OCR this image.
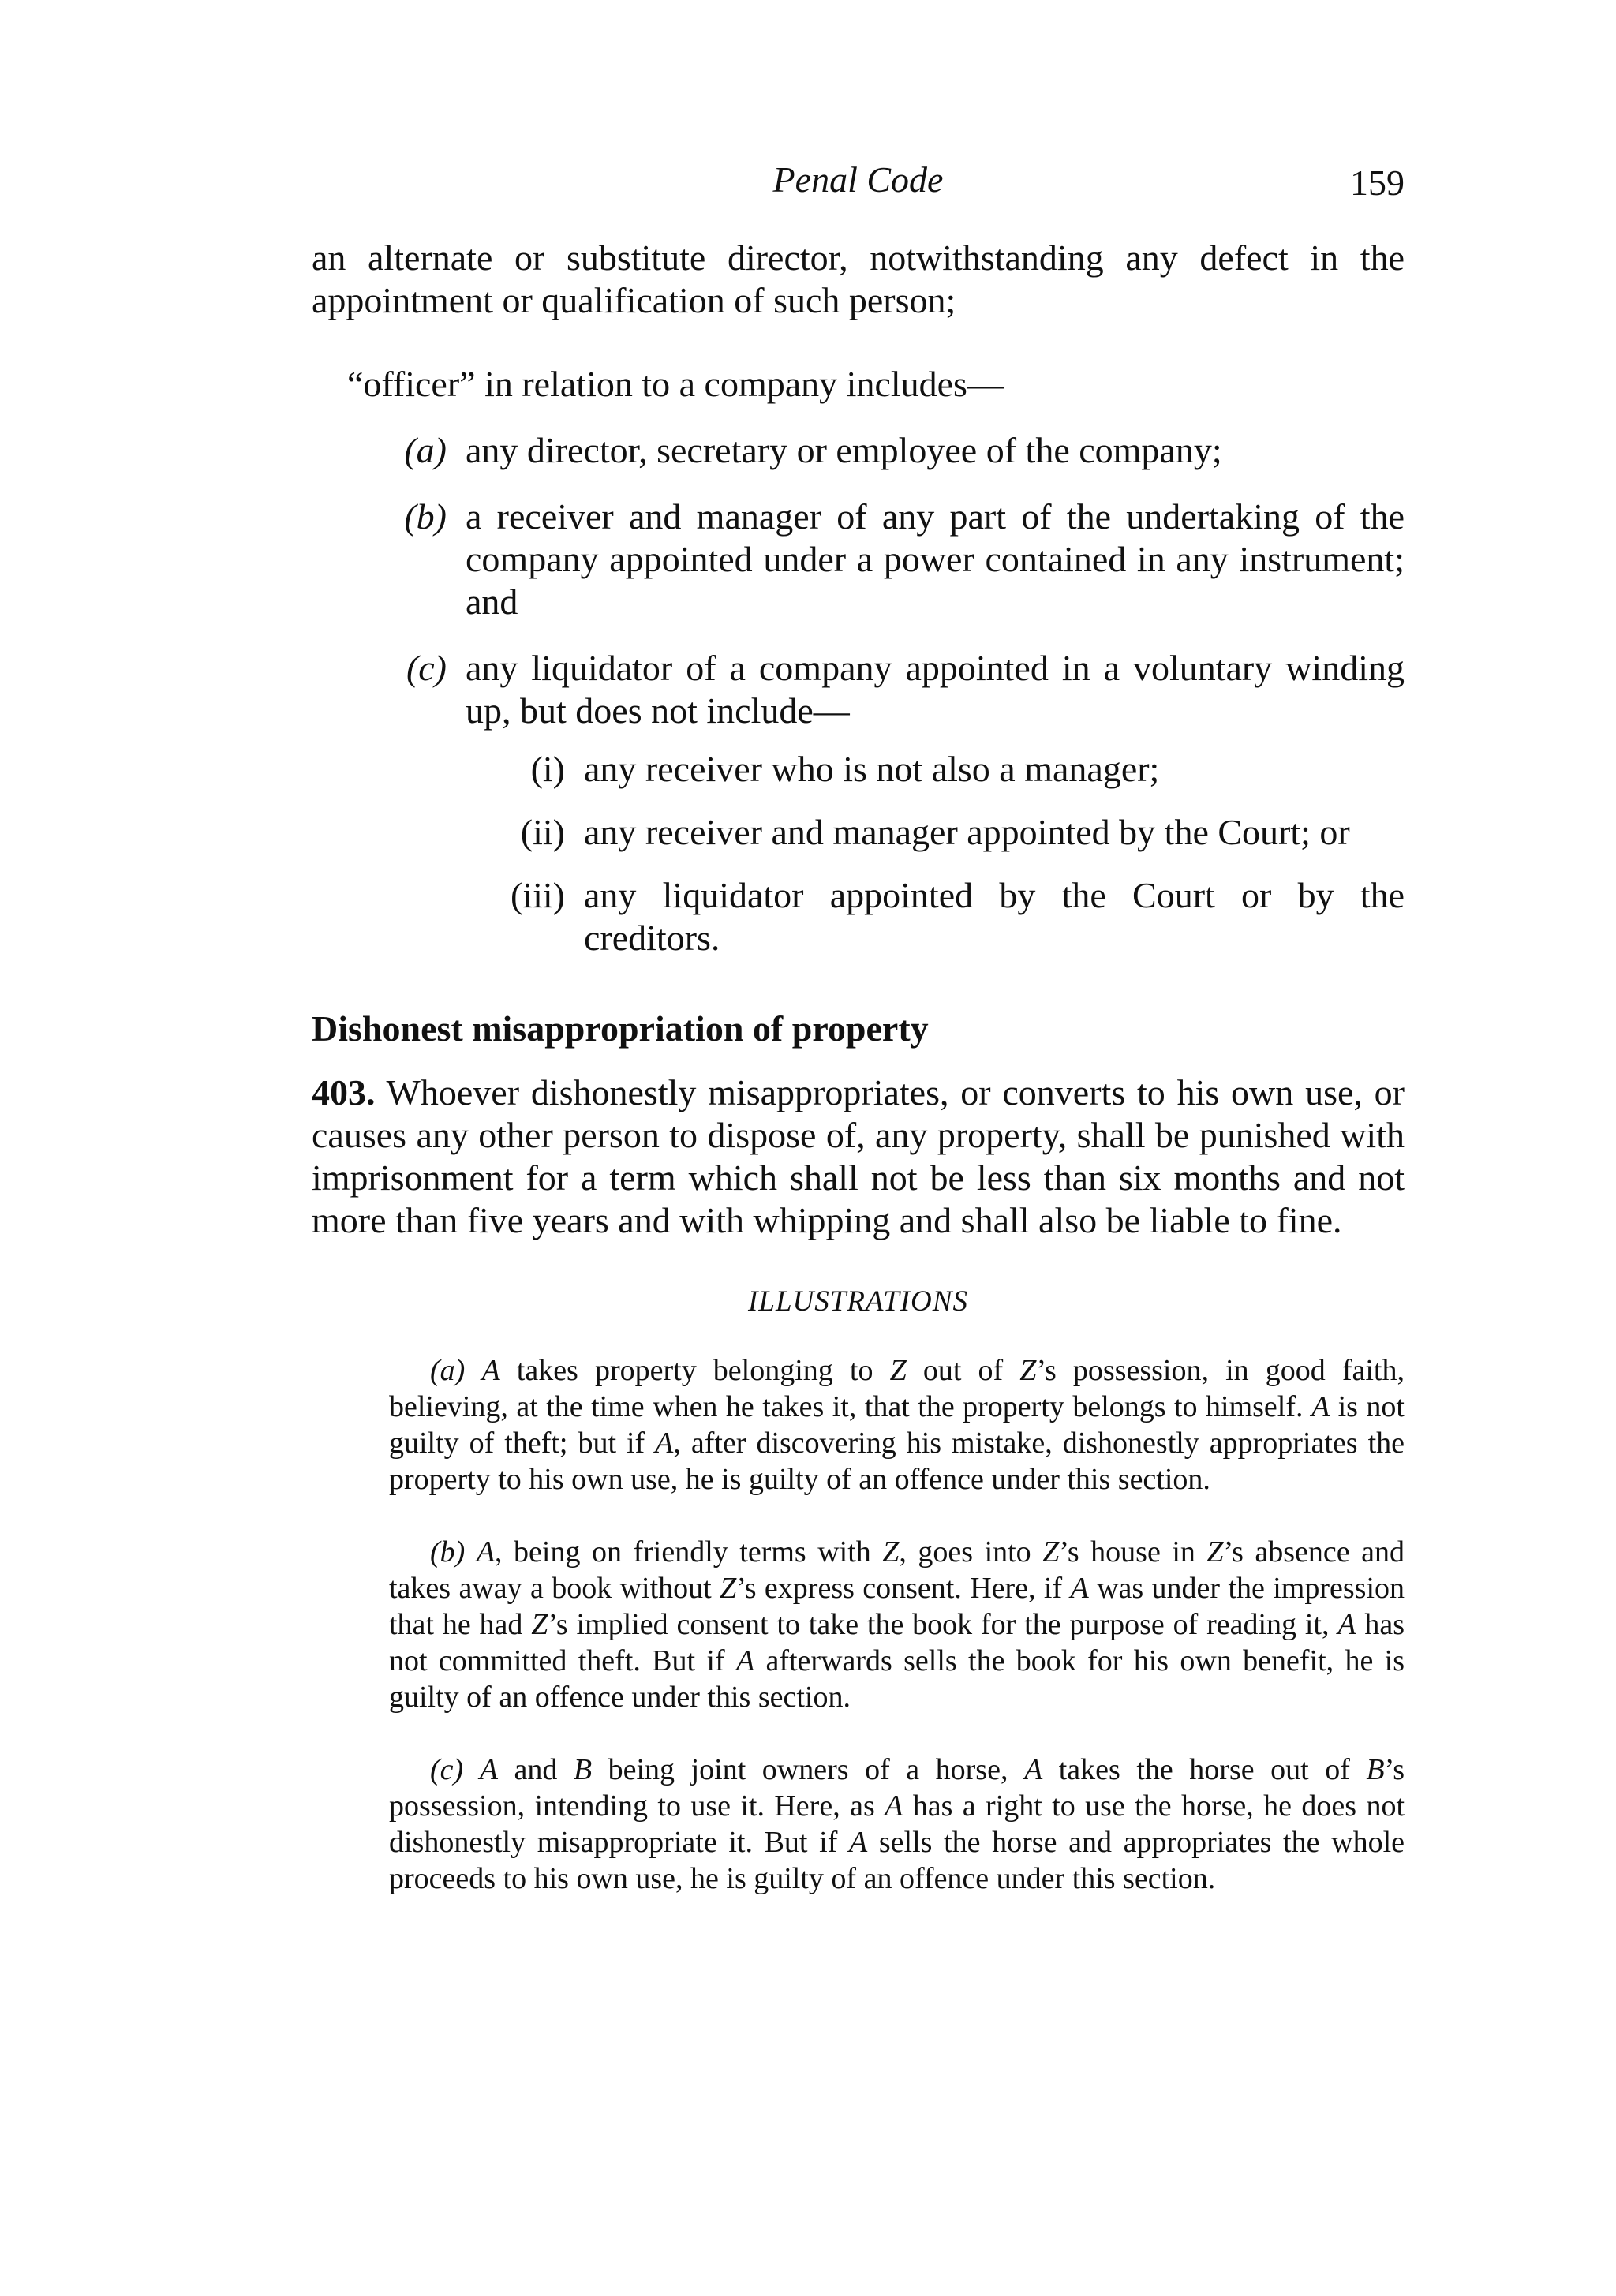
Penal Code	159

an alternate or substitute director, notwithstanding any defect in the appointment or qualification of such person;

“officer” in relation to a company includes—

(a) any director, secretary or employee of the company;
(b) a receiver and manager of any part of the undertaking of the company appointed under a power contained in any instrument; and
(c) any liquidator of a company appointed in a voluntary winding up, but does not include—
(i) any receiver who is not also a manager;
(ii) any receiver and manager appointed by the Court; or
(iii) any liquidator appointed by the Court or by the creditors.
Dishonest misappropriation of property

403. Whoever dishonestly misappropriates, or converts to his own use, or causes any other person to dispose of, any property, shall be punished with imprisonment for a term which shall not be less than six months and not more than five years and with whipping and shall also be liable to fine.

ILLUSTRATIONS

(a) A takes property belonging to Z out of Z’s possession, in good faith, believing, at the time when he takes it, that the property belongs to himself. A is not guilty of theft; but if A, after discovering his mistake, dishonestly appropriates the property to his own use, he is guilty of an offence under this section.

(b) A, being on friendly terms with Z, goes into Z’s house in Z’s absence and takes away a book without Z’s express consent. Here, if A was under the impression that he had Z’s implied consent to take the book for the purpose of reading it, A has not committed theft. But if A afterwards sells the book for his own benefit, he is guilty of an offence under this section.

(c) A and B being joint owners of a horse, A takes the horse out of B’s possession, intending to use it. Here, as A has a right to use the horse, he does not dishonestly misappropriate it. But if A sells the horse and appropriates the whole proceeds to his own use, he is guilty of an offence under this section.
